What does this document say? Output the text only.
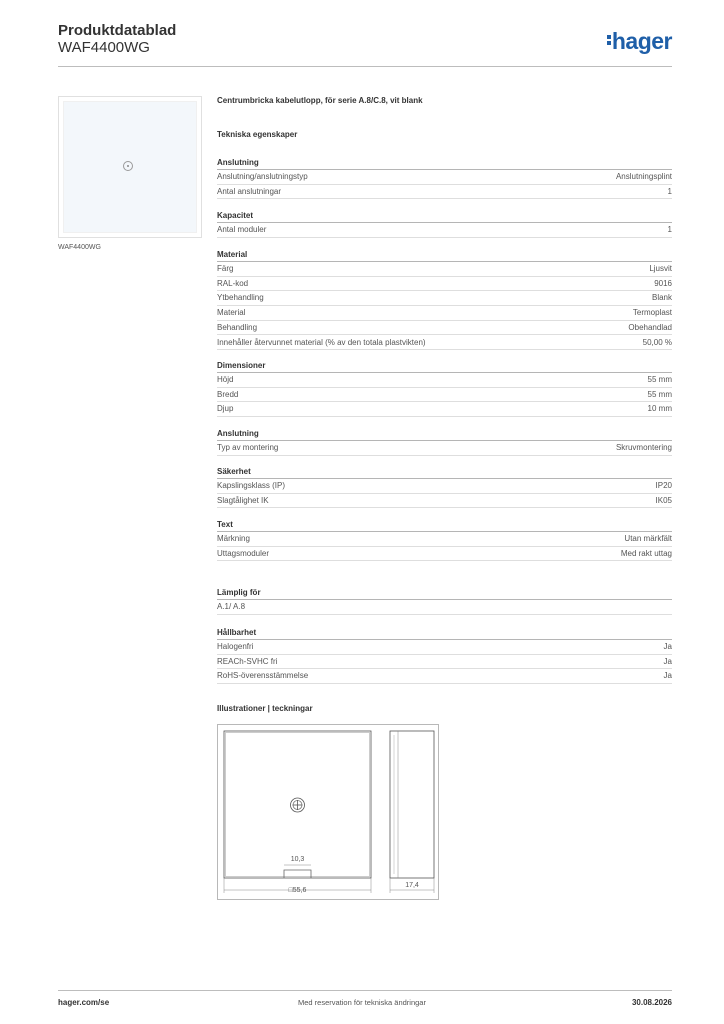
Produktdatablad
WAF4400WG	hager
WAF4400WG
Centrumbricka kabelutlopp, för serie A.8/C.8, vit blank
Tekniska egenskaper
Anslutning
Anslutning/anslutningstyp	Anslutningsplint
Antal anslutningar	1
Kapacitet
Antal moduler	1
Material
Färg	Ljusvit
RAL-kod	9016
Ytbehandling	Blank
Material	Termoplast
Behandling	Obehandlad
Innehåller återvunnet material (% av den totala plastvikten)	50,00 %
Dimensioner
Höjd	55 mm
Bredd	55 mm
Djup	10 mm
Anslutning
Typ av montering	Skruvmontering
Säkerhet
Kapslingsklass (IP)	IP20
Slagtålighet IK	IK05
Text
Märkning	Utan märkfält
Uttagsmoduler	Med rakt uttag
Lämplig för
A.1/ A.8
Hållbarhet
Halogenfri	Ja
REACh-SVHC fri	Ja
RoHS-överensstämmelse	Ja
Illustrationer | teckningar
10,3
□55,6
17,4
hager.com/se	Med reservation för tekniska ändringar	30.08.2026
